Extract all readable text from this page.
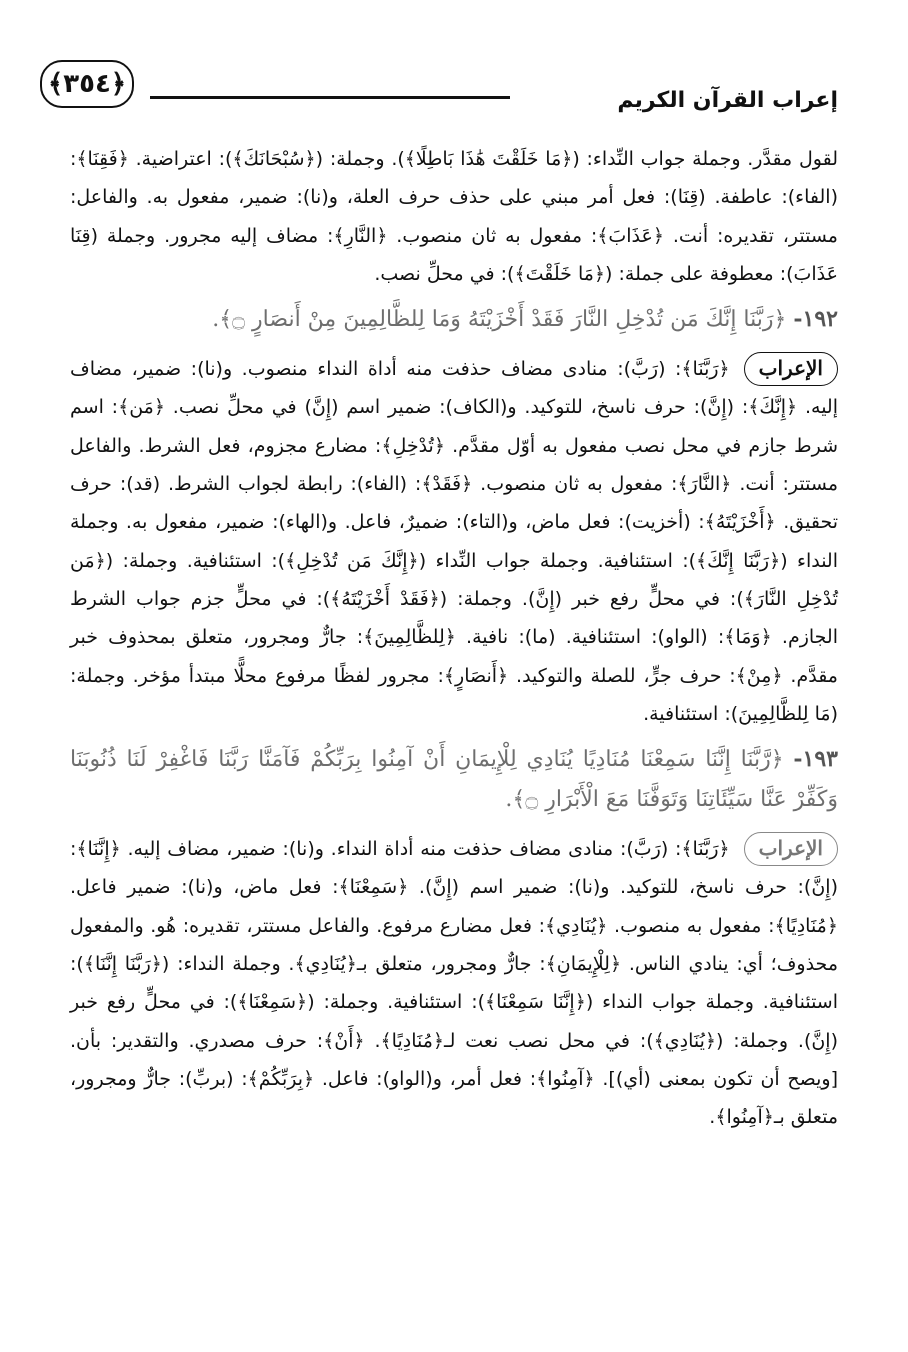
﴿٣٥٤﴾
إعراب القرآن الكريم

لقول مقدَّر. وجملة جواب النِّداء: (﴿مَا خَلَقْتَ هَٰذَا بَاطِلًا﴾). وجملة: (﴿سُبْحَانَكَ﴾): اعتراضية. ﴿فَقِنَا﴾: (الفاء): عاطفة. (قِنَا): فعل أمر مبني على حذف حرف العلة، و(نا): ضمير، مفعول به. والفاعل: مستتر، تقديره: أنت. ﴿عَذَابَ﴾: مفعول به ثان منصوب. ﴿النَّارِ﴾: مضاف إليه مجرور. وجملة (قِنَا عَذَابَ): معطوفة على جملة: (﴿مَا خَلَقْتَ﴾): في محلِّ نصب.

١٩٢- ﴿رَبَّنَا إِنَّكَ مَن تُدْخِلِ النَّارَ فَقَدْ أَخْزَيْتَهُ وَمَا لِلظَّالِمِينَ مِنْ أَنصَارٍ ۝﴾.
الإعراب

﴿رَبَّنَا﴾: (رَبَّ): منادى مضاف حذفت منه أداة النداء منصوب. و(نا): ضمير، مضاف إليه. ﴿إِنَّكَ﴾: (إِنَّ): حرف ناسخ، للتوكيد. و(الكاف): ضمير اسم (إِنَّ) في محلِّ نصب. ﴿مَن﴾: اسم شرط جازم في محل نصب مفعول به أوّل مقدَّم. ﴿تُدْخِلِ﴾: مضارع مجزوم، فعل الشرط. والفاعل مستتر: أنت. ﴿النَّارَ﴾: مفعول به ثان منصوب. ﴿فَقَدْ﴾: (الفاء): رابطة لجواب الشرط. (قد): حرف تحقيق. ﴿أَخْزَيْتَهُ﴾: (أخزيت): فعل ماض، و(التاء): ضميرٌ، فاعل. و(الهاء): ضمير، مفعول به. وجملة النداء (﴿رَبَّنَا إِنَّكَ﴾): استئنافية. وجملة جواب النِّداء (﴿إِنَّكَ مَن تُدْخِلِ﴾): استئنافية. وجملة: (﴿مَن تُدْخِلِ النَّارَ﴾): في محلٍّ رفع خبر (إِنَّ). وجملة: (﴿فَقَدْ أَخْزَيْتَهُ﴾): في محلٍّ جزم جواب الشرط الجازم. ﴿وَمَا﴾: (الواو): استئنافية. (ما): نافية. ﴿لِلظَّالِمِينَ﴾: جارٌّ ومجرور، متعلق بمحذوف خبر مقدَّم. ﴿مِنْ﴾: حرف جرٍّ، للصلة والتوكيد. ﴿أَنصَارٍ﴾: مجرور لفظًا مرفوع محلًّا مبتدأ مؤخر. وجملة: (مَا لِلظَّالِمِينَ): استئنافية.

١٩٣- ﴿رَّبَّنَا إِنَّنَا سَمِعْنَا مُنَادِيًا يُنَادِي لِلْإِيمَانِ أَنْ آمِنُوا بِرَبِّكُمْ فَآمَنَّا رَبَّنَا فَاغْفِرْ لَنَا ذُنُوبَنَا وَكَفِّرْ عَنَّا سَيِّئَاتِنَا وَتَوَفَّنَا مَعَ الْأَبْرَارِ ۝﴾.
الإعراب

﴿رَبَّنَا﴾: (رَبَّ): منادى مضاف حذفت منه أداة النداء. و(نا): ضمير، مضاف إليه. ﴿إِنَّنَا﴾: (إِنَّ): حرف ناسخ، للتوكيد. و(نا): ضمير اسم (إِنَّ). ﴿سَمِعْنَا﴾: فعل ماض، و(نا): ضمير فاعل. ﴿مُنَادِيًا﴾: مفعول به منصوب. ﴿يُنَادِي﴾: فعل مضارع مرفوع. والفاعل مستتر، تقديره: هُو. والمفعول محذوف؛ أي: ينادي الناس. ﴿لِلْإِيمَانِ﴾: جارٌّ ومجرور، متعلق بـ﴿يُنَادِي﴾. وجملة النداء: (﴿رَبَّنَا إِنَّنَا﴾): استئنافية. وجملة جواب النداء (﴿إِنَّنَا سَمِعْنَا﴾): استئنافية. وجملة: (﴿سَمِعْنَا﴾): في محلٍّ رفع خبر (إِنَّ). وجملة: (﴿يُنَادِي﴾): في محل نصب نعت لـ﴿مُنَادِيًا﴾. ﴿أَنْ﴾: حرف مصدري. والتقدير: بأن. [ويصح أن تكون بمعنى (أي)]. ﴿آمِنُوا﴾: فعل أمر، و(الواو): فاعل. ﴿بِرَبِّكُمْ﴾: (بربِّ): جارٌّ ومجرور، متعلق بـ﴿آمِنُوا﴾.
